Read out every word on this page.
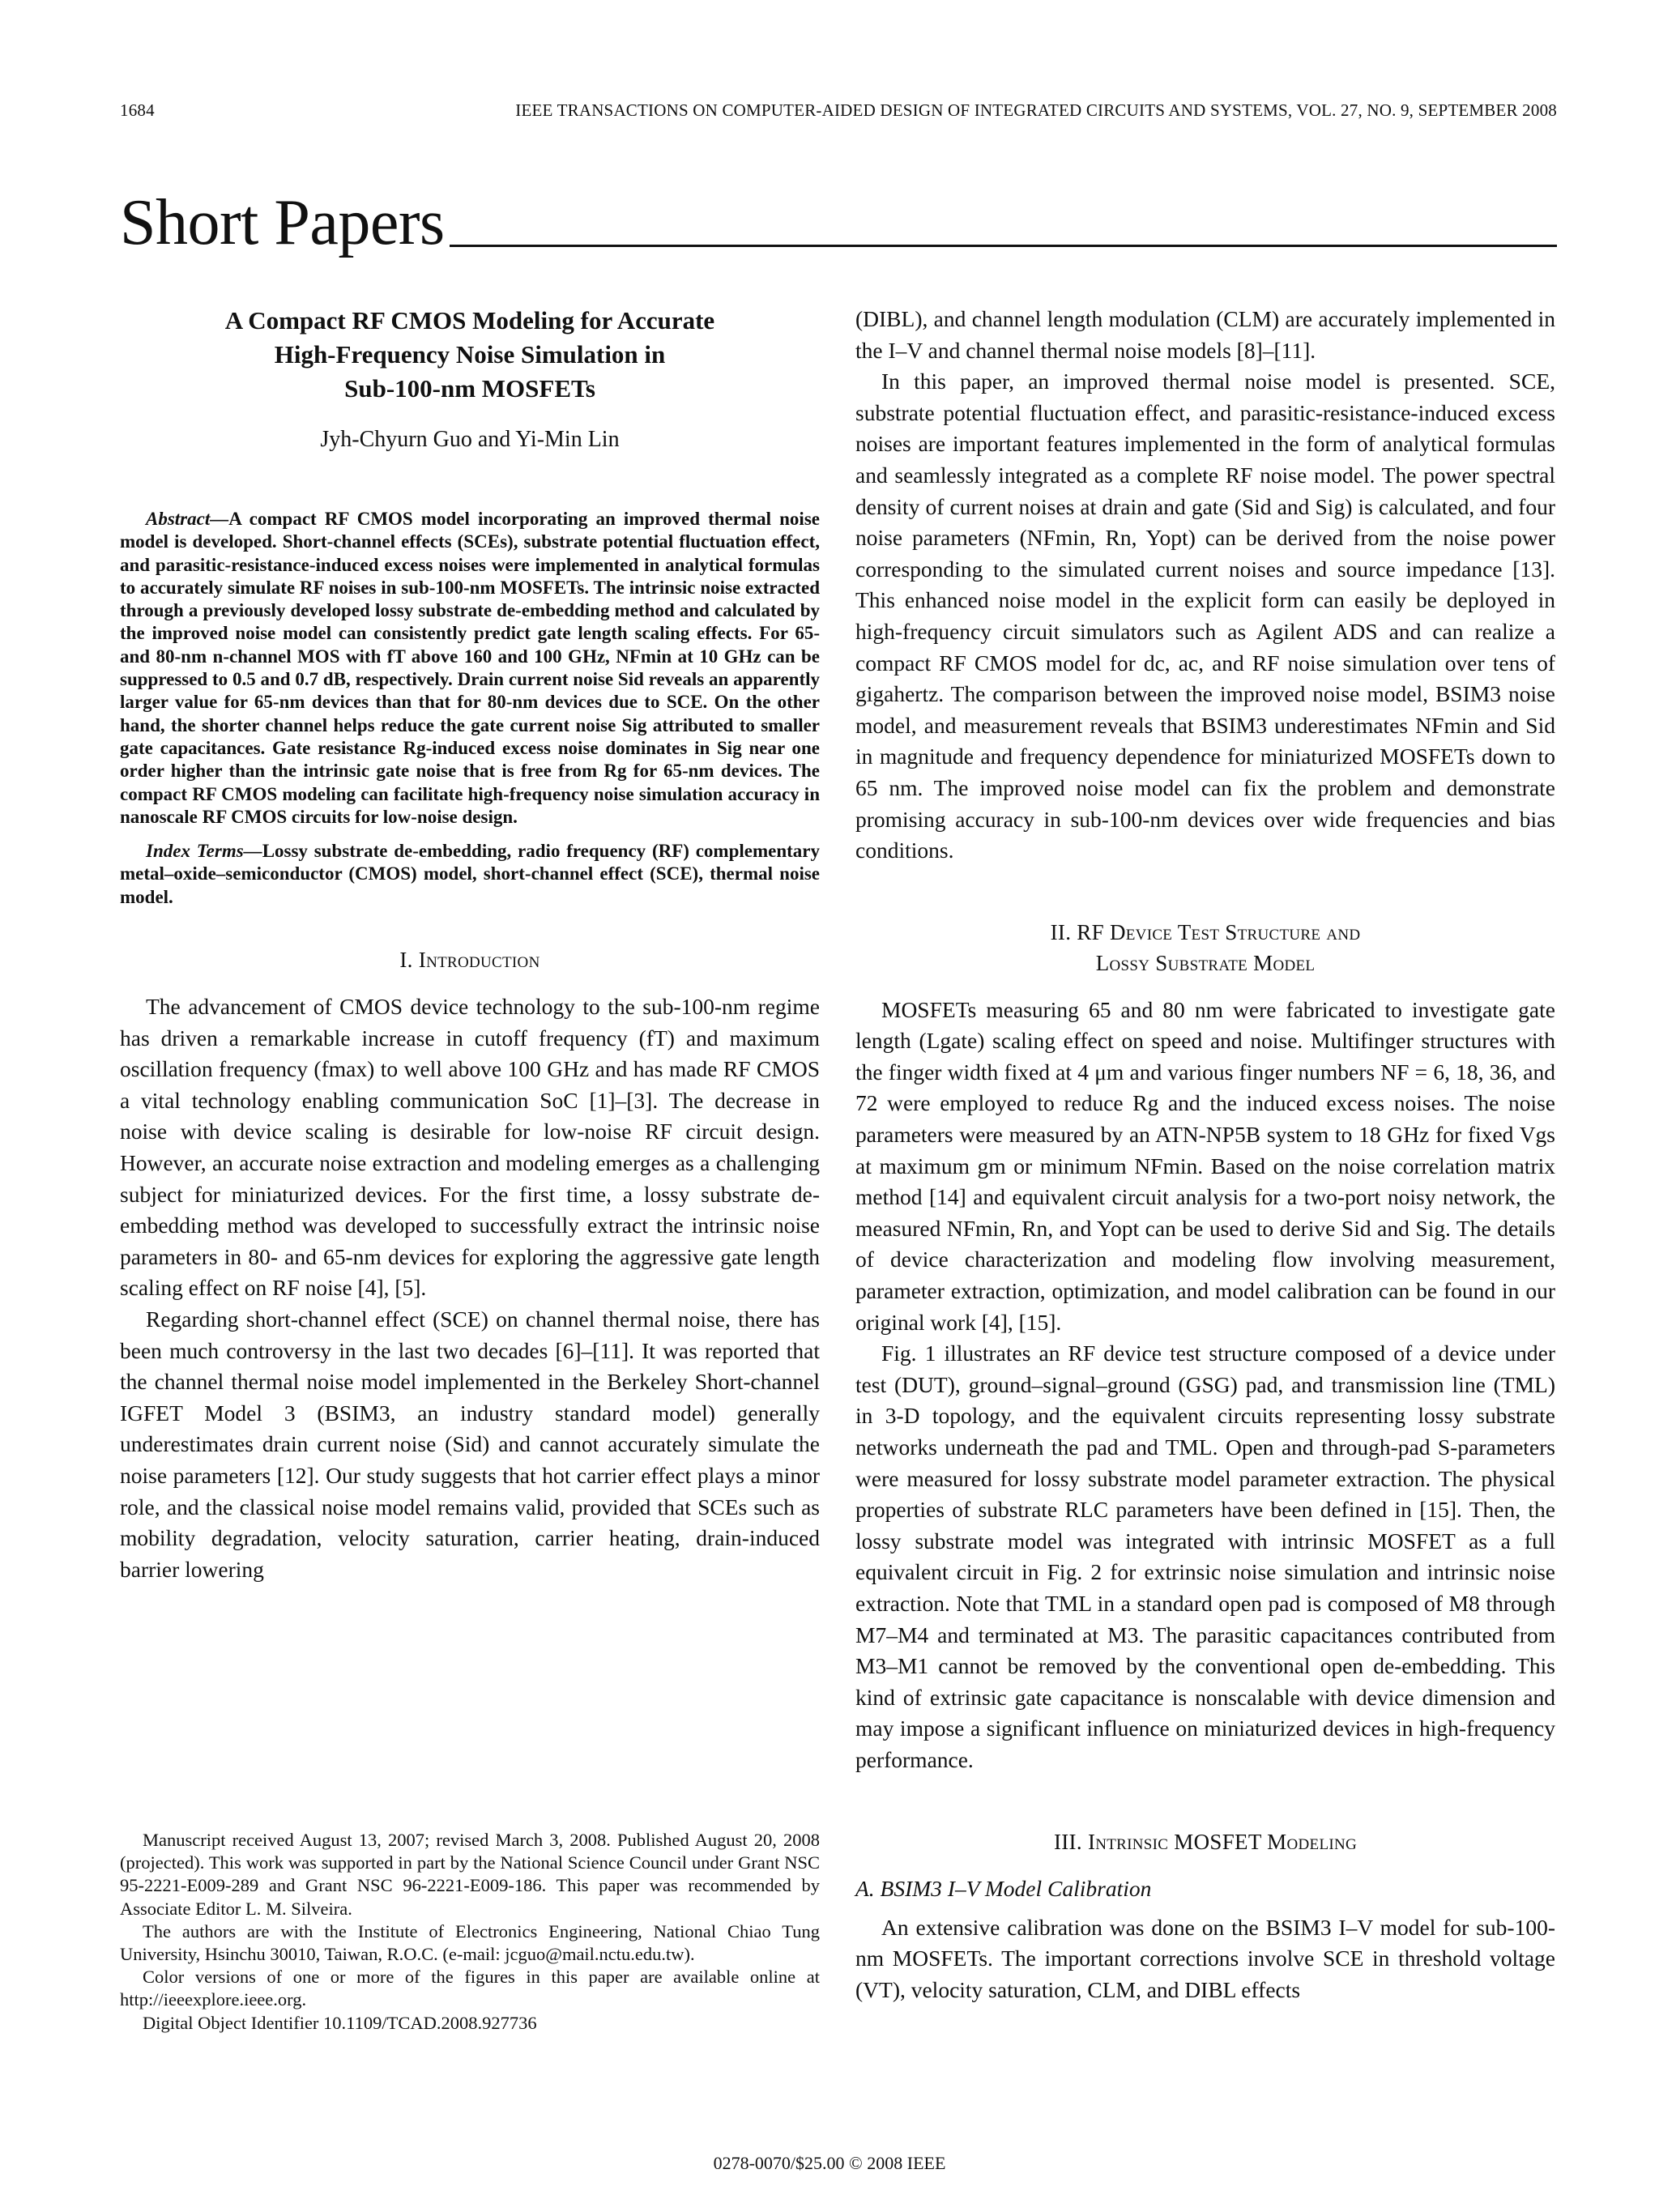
1684	IEEE TRANSACTIONS ON COMPUTER-AIDED DESIGN OF INTEGRATED CIRCUITS AND SYSTEMS, VOL. 27, NO. 9, SEPTEMBER 2008
Short Papers
A Compact RF CMOS Modeling for Accurate
High-Frequency Noise Simulation in
Sub-100-nm MOSFETs
Jyh-Chyurn Guo and Yi-Min Lin

Abstract—A compact RF CMOS model incorporating an improved thermal noise model is developed. Short-channel effects (SCEs), substrate potential fluctuation effect, and parasitic-resistance-induced excess noises were implemented in analytical formulas to accurately simulate RF noises in sub-100-nm MOSFETs. The intrinsic noise extracted through a previously developed lossy substrate de-embedding method and calculated by the improved noise model can consistently predict gate length scaling effects. For 65- and 80-nm n-channel MOS with fT above 160 and 100 GHz, NFmin at 10 GHz can be suppressed to 0.5 and 0.7 dB, respectively. Drain current noise Sid reveals an apparently larger value for 65-nm devices than that for 80-nm devices due to SCE. On the other hand, the shorter channel helps reduce the gate current noise Sig attributed to smaller gate capacitances. Gate resistance Rg-induced excess noise dominates in Sig near one order higher than the intrinsic gate noise that is free from Rg for 65-nm devices. The compact RF CMOS modeling can facilitate high-frequency noise simulation accuracy in nanoscale RF CMOS circuits for low-noise design.

Index Terms—Lossy substrate de-embedding, radio frequency (RF) complementary metal–oxide–semiconductor (CMOS) model, short-channel effect (SCE), thermal noise model.

I. Introduction

The advancement of CMOS device technology to the sub-100-nm regime has driven a remarkable increase in cutoff frequency (fT) and maximum oscillation frequency (fmax) to well above 100 GHz and has made RF CMOS a vital technology enabling communication SoC [1]–[3]. The decrease in noise with device scaling is desirable for low-noise RF circuit design. However, an accurate noise extraction and modeling emerges as a challenging subject for miniaturized devices. For the first time, a lossy substrate de-embedding method was developed to successfully extract the intrinsic noise parameters in 80- and 65-nm devices for exploring the aggressive gate length scaling effect on RF noise [4], [5].

Regarding short-channel effect (SCE) on channel thermal noise, there has been much controversy in the last two decades [6]–[11]. It was reported that the channel thermal noise model implemented in the Berkeley Short-channel IGFET Model 3 (BSIM3, an industry standard model) generally underestimates drain current noise (Sid) and cannot accurately simulate the noise parameters [12]. Our study suggests that hot carrier effect plays a minor role, and the classical noise model remains valid, provided that SCEs such as mobility degradation, velocity saturation, carrier heating, drain-induced barrier lowering

(DIBL), and channel length modulation (CLM) are accurately implemented in the I–V and channel thermal noise models [8]–[11].

In this paper, an improved thermal noise model is presented. SCE, substrate potential fluctuation effect, and parasitic-resistance-induced excess noises are important features implemented in the form of analytical formulas and seamlessly integrated as a complete RF noise model. The power spectral density of current noises at drain and gate (Sid and Sig) is calculated, and four noise parameters (NFmin, Rn, Yopt) can be derived from the noise power corresponding to the simulated current noises and source impedance [13]. This enhanced noise model in the explicit form can easily be deployed in high-frequency circuit simulators such as Agilent ADS and can realize a compact RF CMOS model for dc, ac, and RF noise simulation over tens of gigahertz. The comparison between the improved noise model, BSIM3 noise model, and measurement reveals that BSIM3 underestimates NFmin and Sid in magnitude and frequency dependence for miniaturized MOSFETs down to 65 nm. The improved noise model can fix the problem and demonstrate promising accuracy in sub-100-nm devices over wide frequencies and bias conditions.

II. RF Device Test Structure and
Lossy Substrate Model

MOSFETs measuring 65 and 80 nm were fabricated to investigate gate length (Lgate) scaling effect on speed and noise. Multifinger structures with the finger width fixed at 4 μm and various finger numbers NF = 6, 18, 36, and 72 were employed to reduce Rg and the induced excess noises. The noise parameters were measured by an ATN-NP5B system to 18 GHz for fixed Vgs at maximum gm or minimum NFmin. Based on the noise correlation matrix method [14] and equivalent circuit analysis for a two-port noisy network, the measured NFmin, Rn, and Yopt can be used to derive Sid and Sig. The details of device characterization and modeling flow involving measurement, parameter extraction, optimization, and model calibration can be found in our original work [4], [15].

Fig. 1 illustrates an RF device test structure composed of a device under test (DUT), ground–signal–ground (GSG) pad, and transmission line (TML) in 3-D topology, and the equivalent circuits representing lossy substrate networks underneath the pad and TML. Open and through-pad S-parameters were measured for lossy substrate model parameter extraction. The physical properties of substrate RLC parameters have been defined in [15]. Then, the lossy substrate model was integrated with intrinsic MOSFET as a full equivalent circuit in Fig. 2 for extrinsic noise simulation and intrinsic noise extraction. Note that TML in a standard open pad is composed of M8 through M7–M4 and terminated at M3. The parasitic capacitances contributed from M3–M1 cannot be removed by the conventional open de-embedding. This kind of extrinsic gate capacitance is nonscalable with device dimension and may impose a significant influence on miniaturized devices in high-frequency performance.

III. Intrinsic MOSFET Modeling
A. BSIM3 I–V Model Calibration

An extensive calibration was done on the BSIM3 I–V model for sub-100-nm MOSFETs. The important corrections involve SCE in threshold voltage (VT), velocity saturation, CLM, and DIBL effects

Manuscript received August 13, 2007; revised March 3, 2008. Published August 20, 2008 (projected). This work was supported in part by the National Science Council under Grant NSC 95-2221-E009-289 and Grant NSC 96-2221-E009-186. This paper was recommended by Associate Editor L. M. Silveira.

The authors are with the Institute of Electronics Engineering, National Chiao Tung University, Hsinchu 30010, Taiwan, R.O.C. (e-mail: jcguo@mail.nctu.edu.tw).

Color versions of one or more of the figures in this paper are available online at http://ieeexplore.ieee.org.

Digital Object Identifier 10.1109/TCAD.2008.927736

0278-0070/$25.00 © 2008 IEEE
